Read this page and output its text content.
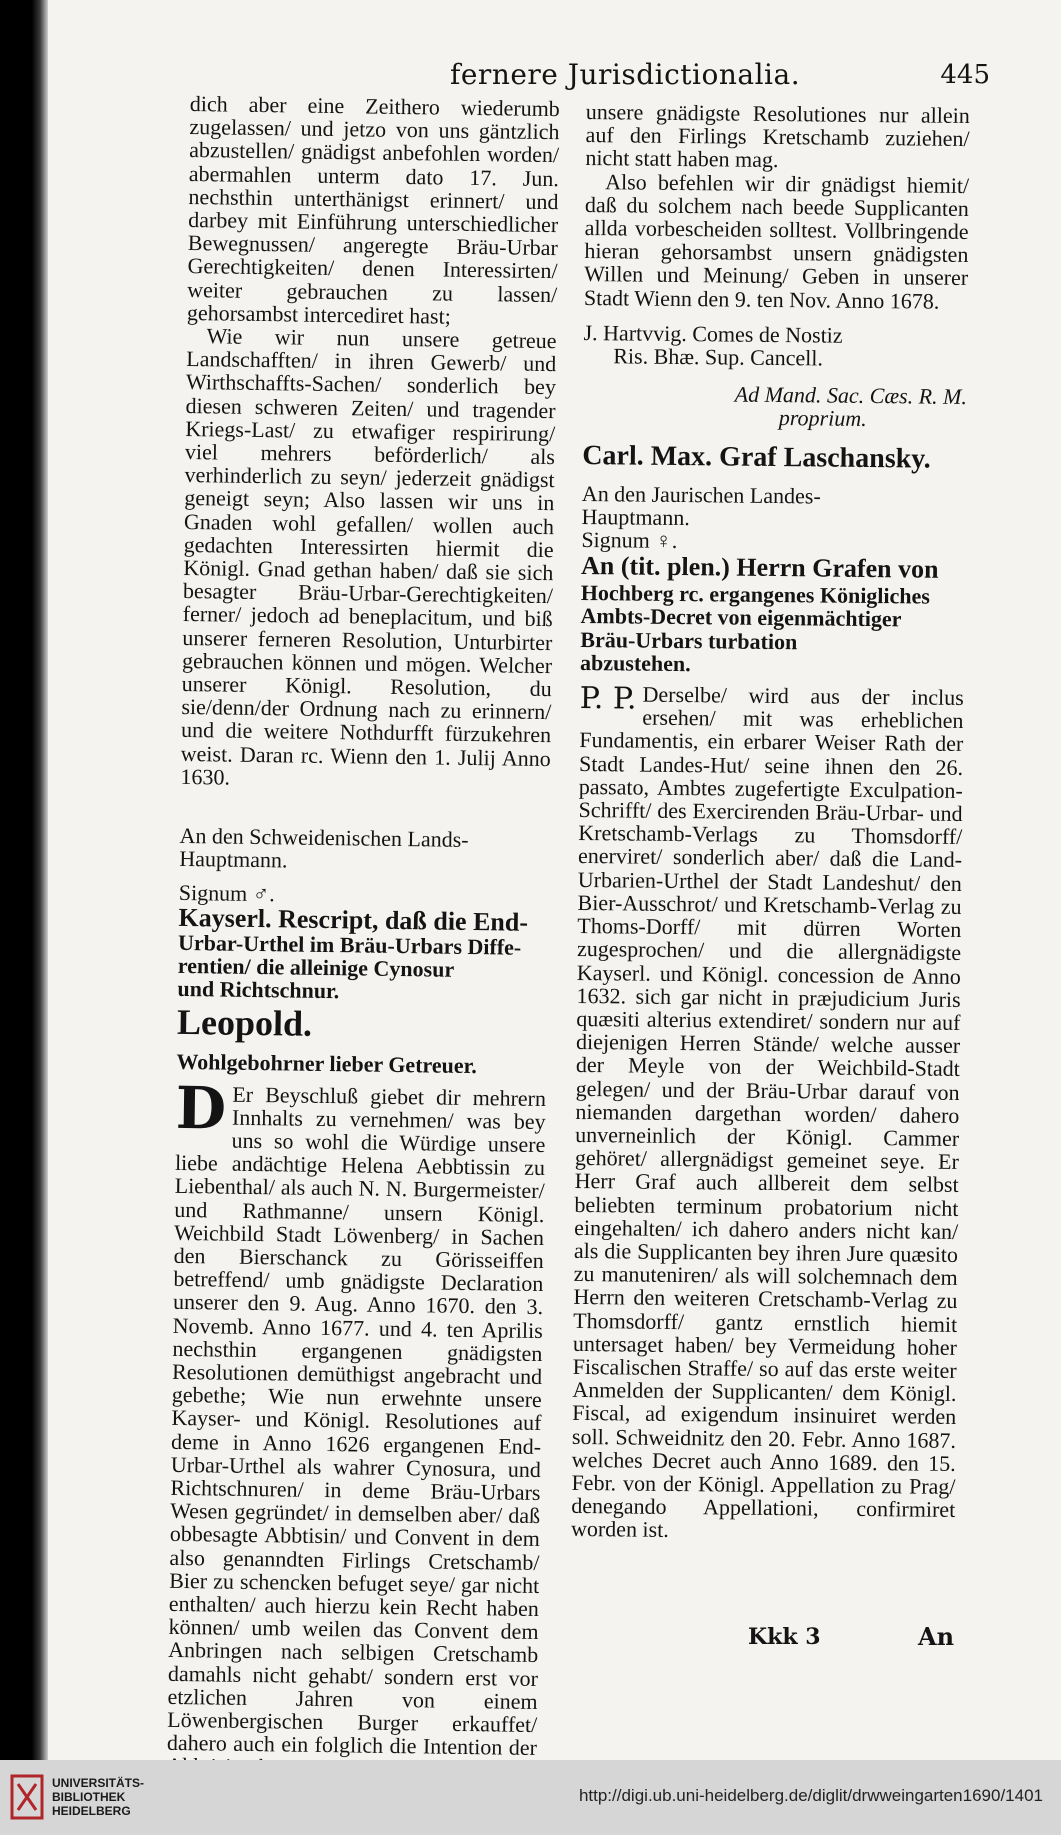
fernere Jurisdictionalia.	445

dich aber eine Zeithero wiederumb zugelassen/ und jetzo von uns gäntzlich abzustellen/ gnädigst anbefohlen worden/ abermahlen unterm dato 17. Jun. nechsthin unterthänigst erinnert/ und darbey mit Einführung unterschiedlicher Bewegnussen/ angeregte Bräu-Urbar Gerechtigkeiten/ denen Interessirten/ weiter gebrauchen zu lassen/ gehorsambst intercediret hast;

Wie wir nun unsere getreue Landschafften/ in ihren Gewerb/ und Wirthschaffts-Sachen/ sonderlich bey diesen schweren Zeiten/ und tragender Kriegs-Last/ zu etwafiger respirirung/ viel mehrers beförderlich/ als verhinderlich zu seyn/ jederzeit gnädigst geneigt seyn; Also lassen wir uns in Gnaden wohl gefallen/ wollen auch gedachten Interessirten hiermit die Königl. Gnad gethan haben/ daß sie sich besagter Bräu-Urbar-Gerechtigkeiten/ ferner/ jedoch ad beneplacitum, und biß unserer ferneren Resolution, Unturbirter gebrauchen können und mögen. Welcher unserer Königl. Resolution, du sie/denn/der Ordnung nach zu erinnern/ und die weitere Nothdurfft fürzukehren weist. Daran rc. Wienn den 1. Julij Anno 1630.

An den Schweidenischen Lands-

Hauptmann.

Signum ♂.

Kayserl. Rescript, daß die End-

Urbar-Urthel im Bräu-Urbars Diffe-

rentien/ die alleinige Cynosur

und Richtschnur.

Leopold.

Wohlgebohrner lieber Getreuer.

D Er Beyschluß giebet dir mehrern Innhalts zu vernehmen/ was bey uns so wohl die Würdige unsere liebe andächtige Helena Aebbtissin zu Liebenthal/ als auch N. N. Burgermeister/ und Rathmanne/ unsern Königl. Weichbild Stadt Löwenberg/ in Sachen den Bierschanck zu Görisseiffen betreffend/ umb gnädigste Declaration unserer den 9. Aug. Anno 1670. den 3. Novemb. Anno 1677. und 4. ten Aprilis nechsthin ergangenen gnädigsten Resolutionen demüthigst angebracht und gebethe; Wie nun erwehnte unsere Kayser- und Königl. Resolutiones auf deme in Anno 1626 ergangenen End-Urbar-Urthel als wahrer Cynosura, und Richtschnuren/ in deme Bräu-Urbars Wesen gegründet/ in demselben aber/ daß obbesagte Abbtisin/ und Convent in dem also genanndten Firlings Cretschamb/ Bier zu schencken befuget seye/ gar nicht enthalten/ auch hierzu kein Recht haben können/ umb weilen das Convent dem Anbringen nach selbigen Cretschamb damahls nicht gehabt/ sondern erst vor etzlichen Jahren von einem Löwenbergischen Burger erkauffet/ dahero auch ein folglich die Intention der

unsere gnädigste Resolutiones nur allein auf den Firlings Kretschamb zuziehen/ nicht statt haben mag.

Also befehlen wir dir gnädigst hiemit/ daß du solchem nach beede Supplicanten allda vorbescheiden solltest. Vollbringende hieran gehorsambst unsern gnädigsten Willen und Meinung/ Geben in unserer Stadt Wienn den 9. ten Nov. Anno 1678.

J. Hartvvig. Comes de Nostiz

Ris. Bhæ. Sup. Cancell.

Ad Mand. Sac. Cæs. R. M.

proprium.

Carl. Max. Graf Laschansky.

An den Jaurischen Landes-

Hauptmann.

Signum ♀.

An (tit. plen.) Herrn Grafen von

Hochberg rc. ergangenes Königliches

Ambts-Decret von eigenmächtiger

Bräu-Urbars turbation

abzustehen.

P. P. Derselbe/ wird aus der inclus ersehen/ mit was erheblichen Fundamentis, ein erbarer Weiser Rath der Stadt Landes-Hut/ seine ihnen den 26. passato, Ambtes zugefertigte Exculpation-Schrifft/ des Exercirenden Bräu-Urbar- und Kretschamb-Verlags zu Thomsdorff/ enerviret/ sonderlich aber/ daß die Land-Urbarien-Urthel der Stadt Landeshut/ den Bier-Ausschrot/ und Kretschamb-Verlag zu Thoms-Dorff/ mit dürren Worten zugesprochen/ und die allergnädigste Kayserl. und Königl. concession de Anno 1632. sich gar nicht in præjudicium Juris quæsiti alterius extendiret/ sondern nur auf diejenigen Herren Stände/ welche ausser der Meyle von der Weichbild-Stadt gelegen/ und der Bräu-Urbar darauf von niemanden dargethan worden/ dahero unverneinlich der Königl. Cammer gehöret/ allergnädigst gemeinet seye. Er Herr Graf auch allbereit dem selbst beliebten terminum probatorium nicht eingehalten/ ich dahero anders nicht kan/ als die Supplicanten bey ihren Jure quæsito zu manuteniren/ als will solchemnach dem Herrn den weiteren Cretschamb-Verlag zu Thomsdorff/ gantz ernstlich hiemit untersaget haben/ bey Vermeidung hoher Fiscalischen Straffe/ so auf das erste weiter Anmelden der Supplicanten/ dem Königl. Fiscal, ad exigendum insinuiret werden soll. Schweidnitz den 20. Febr. Anno 1687. welches Decret auch Anno 1689. den 15. Febr. von der Königl. Appellation zu Prag/ denegando Appellationi, confirmiret worden ist.

Kkk 3	An
UNIVERSITÄTS-
BIBLIOTHEK
HEIDELBERG
http://digi.ub.uni-heidelberg.de/diglit/drwweingarten1690/1401
